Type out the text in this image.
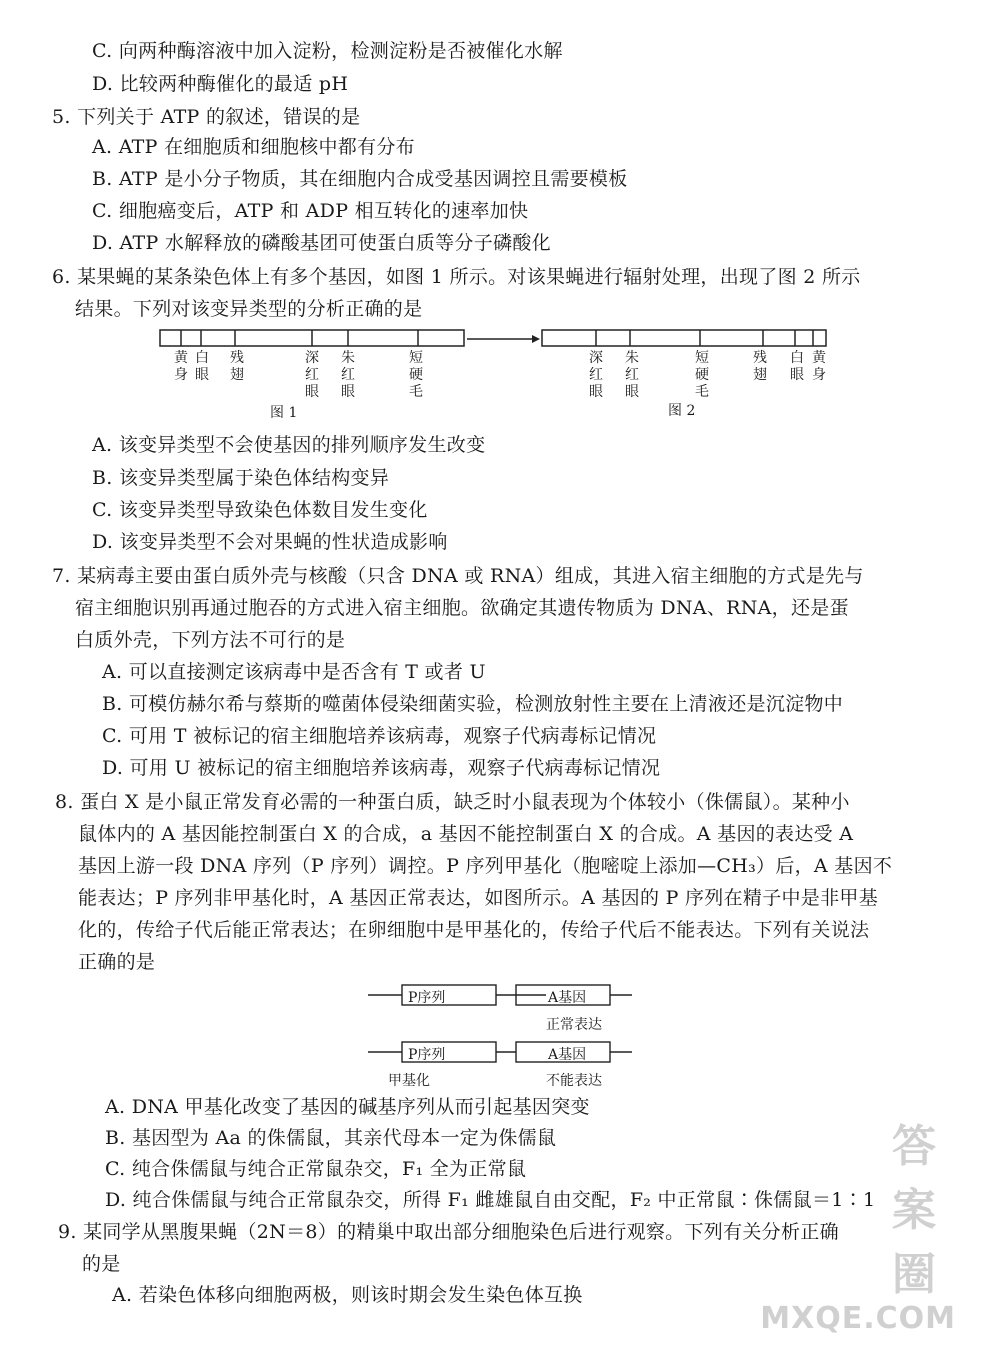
C. 向两种酶溶液中加入淀粉，检测淀粉是否被催化水解
D. 比较两种酶催化的最适 pH
5. 下列关于 ATP 的叙述，错误的是
A. ATP 在细胞质和细胞核中都有分布
B. ATP 是小分子物质，其在细胞内合成受基因调控且需要模板
C. 细胞癌变后，ATP 和 ADP 相互转化的速率加快
D. ATP 水解释放的磷酸基团可使蛋白质等分子磷酸化
6. 某果蝇的某条染色体上有多个基因，如图 1 所示。对该果蝇进行辐射处理，出现了图 2 所示
结果。下列对该变异类型的分析正确的是
黄
身
白
眼
残
翅
深
红
眼
朱
红
眼
短
硬
毛
图 1
深
红
眼
朱
红
眼
短
硬
毛
残
翅
白
眼
黄
身
图 2
A. 该变异类型不会使基因的排列顺序发生改变
B. 该变异类型属于染色体结构变异
C. 该变异类型导致染色体数目发生变化
D. 该变异类型不会对果蝇的性状造成影响
7. 某病毒主要由蛋白质外壳与核酸（只含 DNA 或 RNA）组成，其进入宿主细胞的方式是先与
宿主细胞识别再通过胞吞的方式进入宿主细胞。欲确定其遗传物质为 DNA、RNA，还是蛋
白质外壳，下列方法不可行的是
A. 可以直接测定该病毒中是否含有 T 或者 U
B. 可模仿赫尔希与蔡斯的噬菌体侵染细菌实验，检测放射性主要在上清液还是沉淀物中
C. 可用 T 被标记的宿主细胞培养该病毒，观察子代病毒标记情况
D. 可用 U 被标记的宿主细胞培养该病毒，观察子代病毒标记情况
8. 蛋白 X 是小鼠正常发育必需的一种蛋白质，缺乏时小鼠表现为个体较小（侏儒鼠）。某种小
鼠体内的 A 基因能控制蛋白 X 的合成，a 基因不能控制蛋白 X 的合成。A 基因的表达受 A
基因上游一段 DNA 序列（P 序列）调控。P 序列甲基化（胞嘧啶上添加—CH₃）后，A 基因不
能表达；P 序列非甲基化时，A 基因正常表达，如图所示。A 基因的 P 序列在精子中是非甲基
化的，传给子代后能正常表达；在卵细胞中是甲基化的，传给子代后不能表达。下列有关说法
正确的是
P序列	A基因
正常表达
P序列	A基因
甲基化	不能表达
A. DNA 甲基化改变了基因的碱基序列从而引起基因突变
B. 基因型为 Aa 的侏儒鼠，其亲代母本一定为侏儒鼠
C. 纯合侏儒鼠与纯合正常鼠杂交，F₁ 全为正常鼠
D. 纯合侏儒鼠与纯合正常鼠杂交，所得 F₁ 雌雄鼠自由交配，F₂ 中正常鼠∶侏儒鼠＝1∶1
9. 某同学从黑腹果蝇（2N＝8）的精巢中取出部分细胞染色后进行观察。下列有关分析正确
的是
A. 若染色体移向细胞两极，则该时期会发生染色体互换
答案圈
MXQE.COM
